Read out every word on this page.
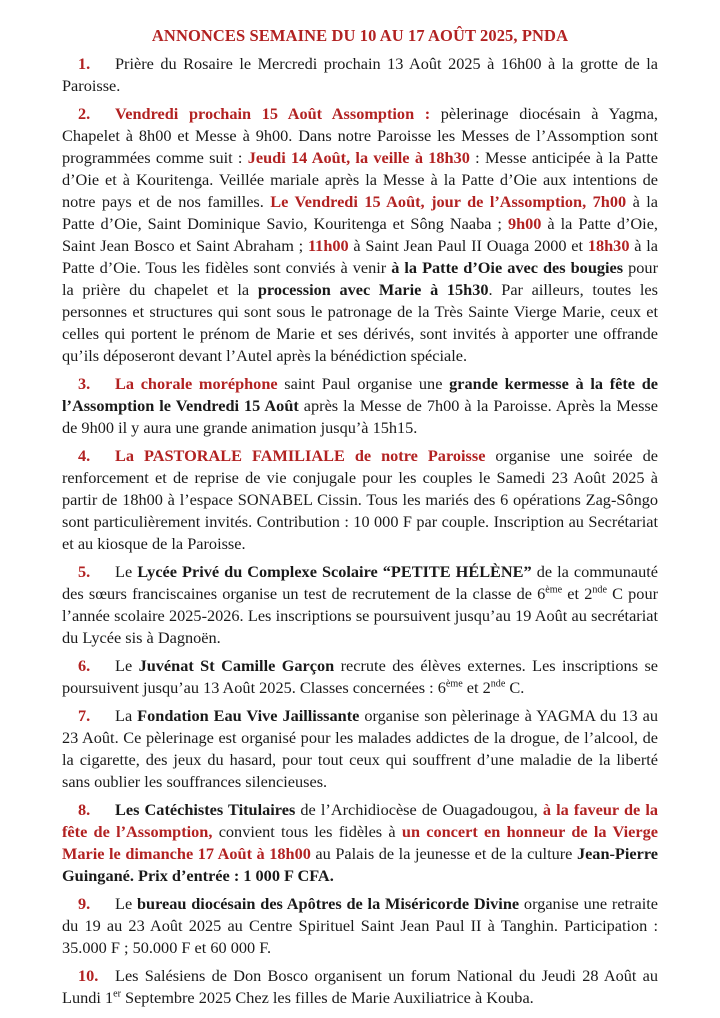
ANNONCES SEMAINE DU 10 AU 17 AOÛT 2025, PNDA

1. Prière du Rosaire le Mercredi prochain 13 Août 2025 à 16h00 à la grotte de la Paroisse.

2. Vendredi prochain 15 Août Assomption : pèlerinage diocésain à Yagma, Chapelet à 8h00 et Messe à 9h00. Dans notre Paroisse les Messes de l’Assomption sont programmées comme suit : Jeudi 14 Août, la veille à 18h30 : Messe anticipée à la Patte d’Oie et à Kouritenga. Veillée mariale après la Messe à la Patte d’Oie aux intentions de notre pays et de nos familles. Le Vendredi 15 Août, jour de l’Assomption, 7h00 à la Patte d’Oie, Saint Dominique Savio, Kouritenga et Sông Naaba ; 9h00 à la Patte d’Oie, Saint Jean Bosco et Saint Abraham ; 11h00 à Saint Jean Paul II Ouaga 2000 et 18h30 à la Patte d’Oie. Tous les fidèles sont conviés à venir à la Patte d’Oie avec des bougies pour la prière du chapelet et la procession avec Marie à 15h30. Par ailleurs, toutes les personnes et structures qui sont sous le patronage de la Très Sainte Vierge Marie, ceux et celles qui portent le prénom de Marie et ses dérivés, sont invités à apporter une offrande qu’ils déposeront devant l’Autel après la bénédiction spéciale.

3. La chorale moréphone saint Paul organise une grande kermesse à la fête de l’Assomption le Vendredi 15 Août après la Messe de 7h00 à la Paroisse. Après la Messe de 9h00 il y aura une grande animation jusqu’à 15h15.

4. La PASTORALE FAMILIALE de notre Paroisse organise une soirée de renforcement et de reprise de vie conjugale pour les couples le Samedi 23 Août 2025 à partir de 18h00 à l’espace SONABEL Cissin. Tous les mariés des 6 opérations Zag-Sôngo sont particulièrement invités. Contribution : 10 000 F par couple. Inscription au Secrétariat et au kiosque de la Paroisse.

5. Le Lycée Privé du Complexe Scolaire “PETITE HÉLÈNE” de la communauté des sœurs franciscaines organise un test de recrutement de la classe de 6ème et 2nde C pour l’année scolaire 2025-2026. Les inscriptions se poursuivent jusqu’au 19 Août au secrétariat du Lycée sis à Dagnoën.

6. Le Juvénat St Camille Garçon recrute des élèves externes. Les inscriptions se poursuivent jusqu’au 13 Août 2025. Classes concernées : 6ème et 2nde C.

7. La Fondation Eau Vive Jaillissante organise son pèlerinage à YAGMA du 13 au 23 Août. Ce pèlerinage est organisé pour les malades addictes de la drogue, de l’alcool, de la cigarette, des jeux du hasard, pour tout ceux qui souffrent d’une maladie de la liberté sans oublier les souffrances silencieuses.

8. Les Catéchistes Titulaires de l’Archidiocèse de Ouagadougou, à la faveur de la fête de l’Assomption, convient tous les fidèles à un concert en honneur de la Vierge Marie le dimanche 17 Août à 18h00 au Palais de la jeunesse et de la culture Jean-Pierre Guingané. Prix d’entrée : 1 000 F CFA.

9. Le bureau diocésain des Apôtres de la Miséricorde Divine organise une retraite du 19 au 23 Août 2025 au Centre Spirituel Saint Jean Paul II à Tanghin. Participation : 35.000 F ; 50.000 F et 60 000 F.

10. Les Salésiens de Don Bosco organisent un forum National du Jeudi 28 Août au Lundi 1er Septembre 2025 Chez les filles de Marie Auxiliatrice à Kouba.
